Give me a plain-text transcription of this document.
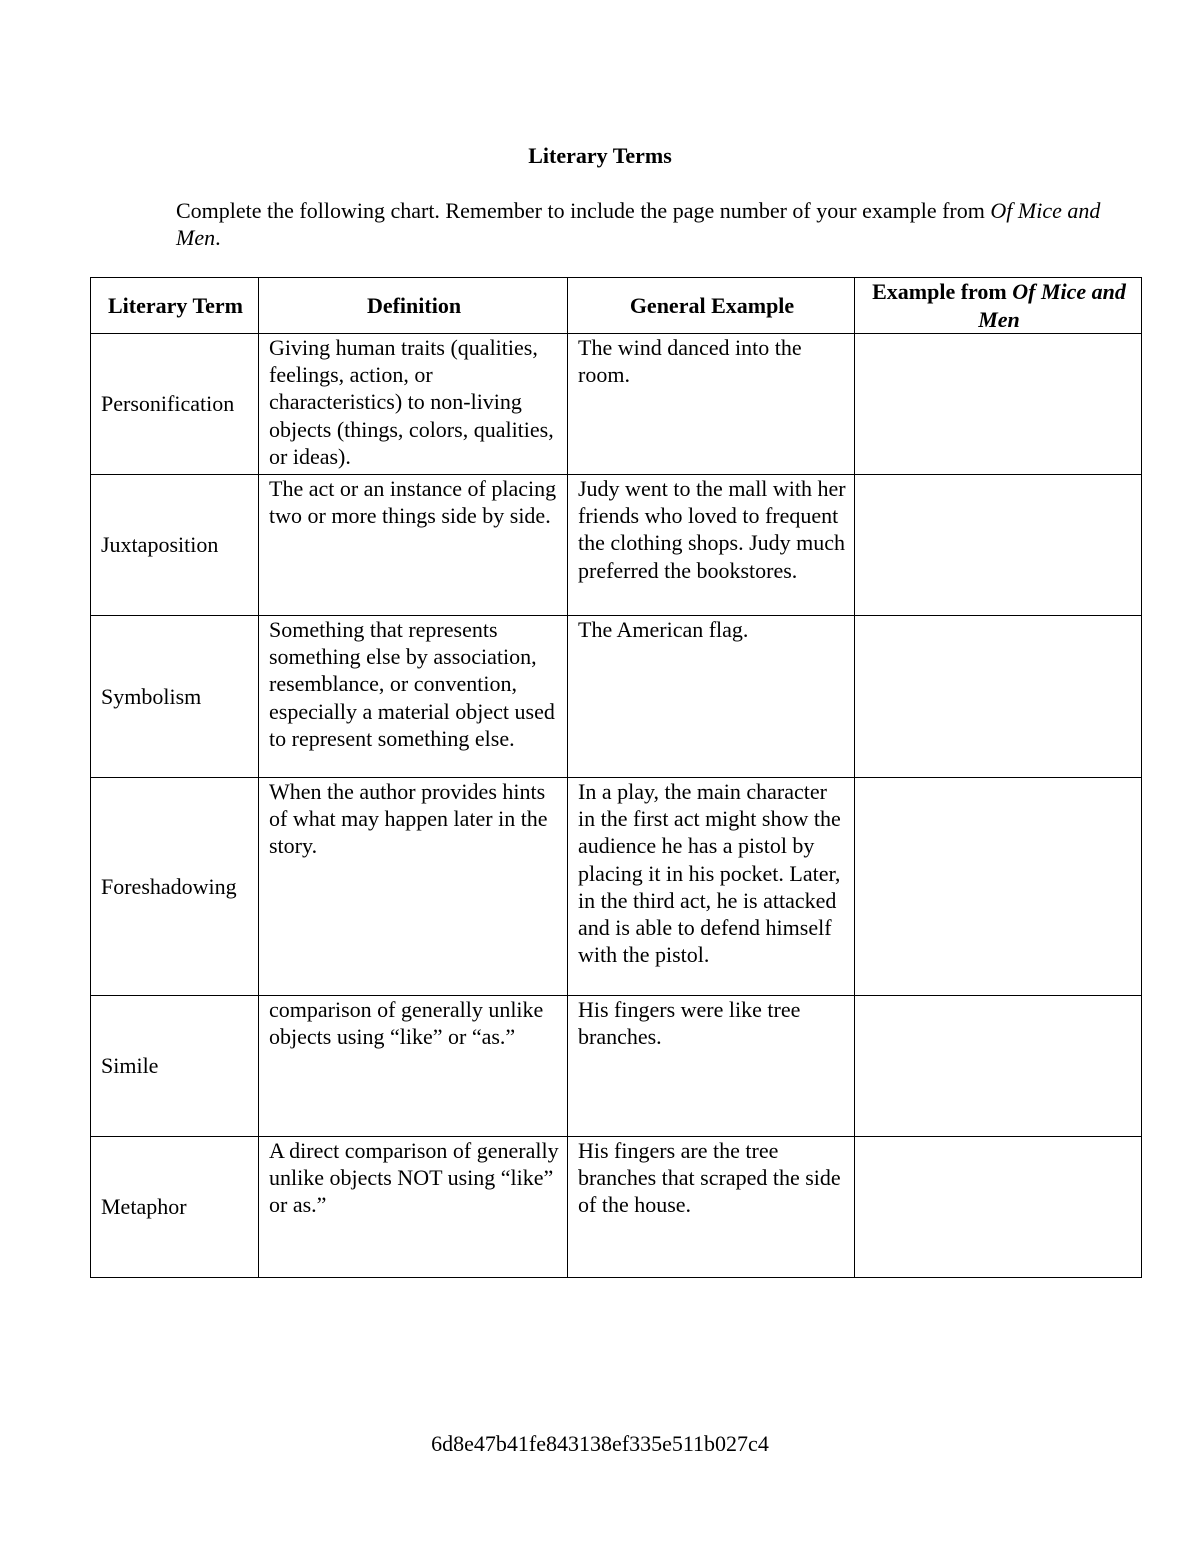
Literary Terms
Complete the following chart. Remember to include the page number of your example from Of Mice and Men.
Literary Term	Definition	General Example	Example from Of Mice and Men
Personification	Giving human traits (qualities, feelings, action, or characteristics) to non-living objects (things, colors, qualities, or ideas).	The wind danced into the room.	
Juxtaposition	The act or an instance of placing two or more things side by side.	Judy went to the mall with her friends who loved to frequent the clothing shops. Judy much preferred the bookstores.	
Symbolism	Something that represents something else by association, resemblance, or convention, especially a material object used to represent something else.	The American flag.	
Foreshadowing	When the author provides hints of what may happen later in the story.	In a play, the main character in the first act might show the audience he has a pistol by placing it in his pocket. Later, in the third act, he is attacked and is able to defend himself with the pistol.	
Simile	comparison of generally unlike objects using “like” or “as.”	His fingers were like tree branches.	
Metaphor	A direct comparison of generally unlike objects NOT using “like” or as.”	His fingers are the tree branches that scraped the side of the house.	
6d8e47b41fe843138ef335e511b027c4
